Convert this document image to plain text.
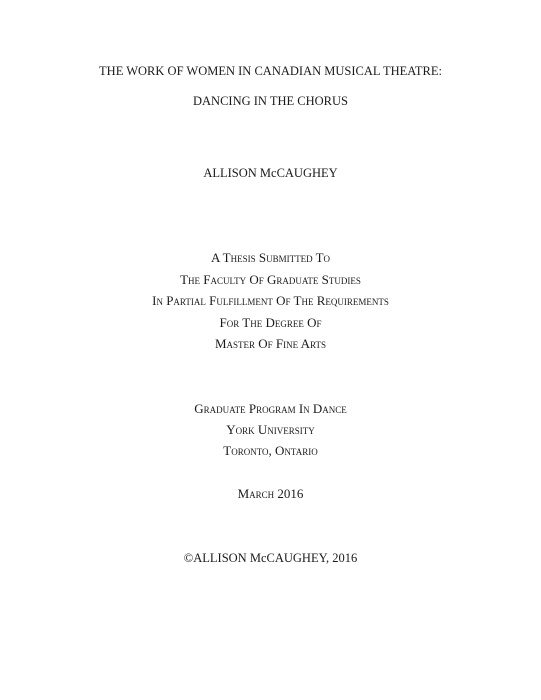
THE WORK OF WOMEN IN CANADIAN MUSICAL THEATRE:
DANCING IN THE CHORUS
ALLISON McCAUGHEY
A Thesis Submitted To
The Faculty Of Graduate Studies
In Partial Fulfillment Of The Requirements
For The Degree Of
Master Of Fine Arts
Graduate Program In Dance
York University
Toronto, Ontario
March 2016
©ALLISON McCAUGHEY, 2016
